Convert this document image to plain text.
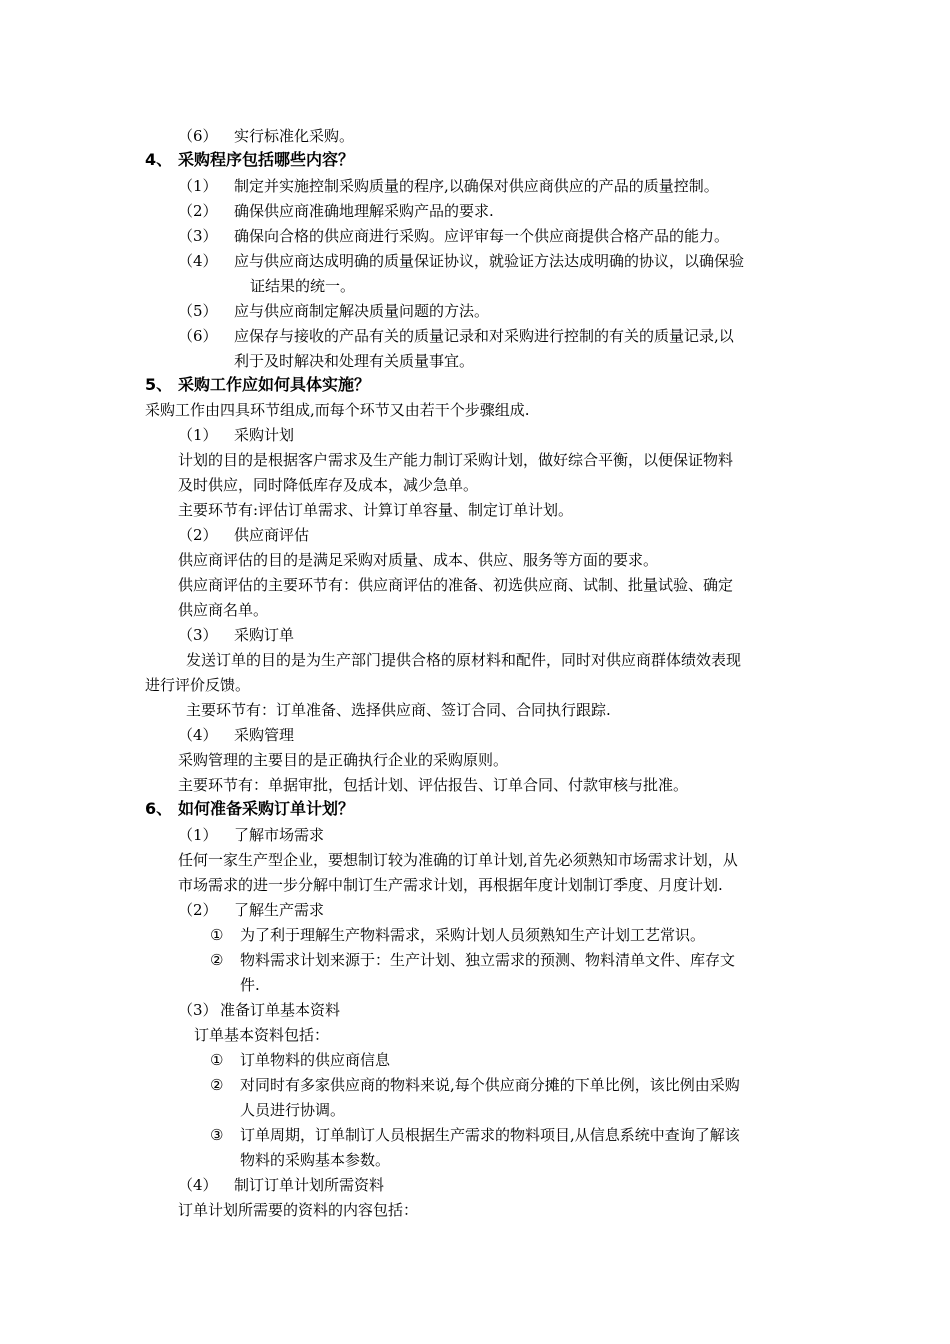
（6） 实行标准化采购。
4、 采购程序包括哪些内容？
（1） 制定并实施控制采购质量的程序,以确保对供应商供应的产品的质量控制。
（2） 确保供应商准确地理解采购产品的要求.
（3） 确保向合格的供应商进行采购。应评审每一个供应商提供合格产品的能力。
（4） 应与供应商达成明确的质量保证协议，就验证方法达成明确的协议，以确保验
证结果的统一。
（5） 应与供应商制定解决质量问题的方法。
（6） 应保存与接收的产品有关的质量记录和对采购进行控制的有关的质量记录,以
利于及时解决和处理有关质量事宜。
5、 采购工作应如何具体实施？
采购工作由四具环节组成,而每个环节又由若干个步骤组成.
（1） 采购计划
计划的目的是根据客户需求及生产能力制订采购计划，做好综合平衡，以便保证物料
及时供应，同时降低库存及成本，减少急单。
主要环节有:评估订单需求、计算订单容量、制定订单计划。
（2） 供应商评估
供应商评估的目的是满足采购对质量、成本、供应、服务等方面的要求。
供应商评估的主要环节有：供应商评估的准备、初选供应商、试制、批量试验、确定
供应商名单。
（3） 采购订单
发送订单的目的是为生产部门提供合格的原材料和配件，同时对供应商群体绩效表现
进行评价反馈。
主要环节有：订单准备、选择供应商、签订合同、合同执行跟踪.
（4） 采购管理
采购管理的主要目的是正确执行企业的采购原则。
主要环节有：单据审批，包括计划、评估报告、订单合同、付款审核与批准。
6、 如何准备采购订单计划？
（1） 了解市场需求
任何一家生产型企业，要想制订较为准确的订单计划,首先必须熟知市场需求计划，从
市场需求的进一步分解中制订生产需求计划，再根据年度计划制订季度、月度计划.
（2） 了解生产需求
① 为了利于理解生产物料需求，采购计划人员须熟知生产计划工艺常识。
② 物料需求计划来源于：生产计划、独立需求的预测、物料清单文件、库存文
件.
（3） 准备订单基本资料
订单基本资料包括：
① 订单物料的供应商信息
② 对同时有多家供应商的物料来说,每个供应商分摊的下单比例，该比例由采购
人员进行协调。
③ 订单周期，订单制订人员根据生产需求的物料项目,从信息系统中查询了解该
物料的采购基本参数。
（4） 制订订单计划所需资料
订单计划所需要的资料的内容包括：
